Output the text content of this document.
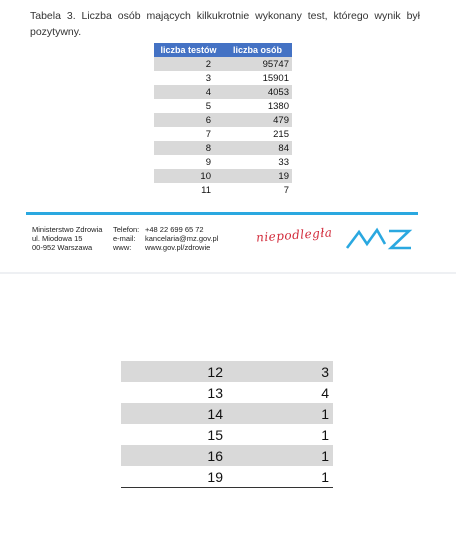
Tabela 3. Liczba osób mających kilkukrotnie wykonany test, którego wynik był pozytywny.
liczba testów	liczba osób
2	95747
3	15901
4	4053
5	1380
6	479
7	215
8	84
9	33
10	19
11	7
Ministerstwo Zdrowia
ul. Miodowa 15
00-952 Warszawa
Telefon: +48 22 699 65 72
e-mail: kancelaria@mz.gov.pl
www: www.gov.pl/zdrowie
niepodległa
12	3
13	4
14	1
15	1
16	1
19	1
